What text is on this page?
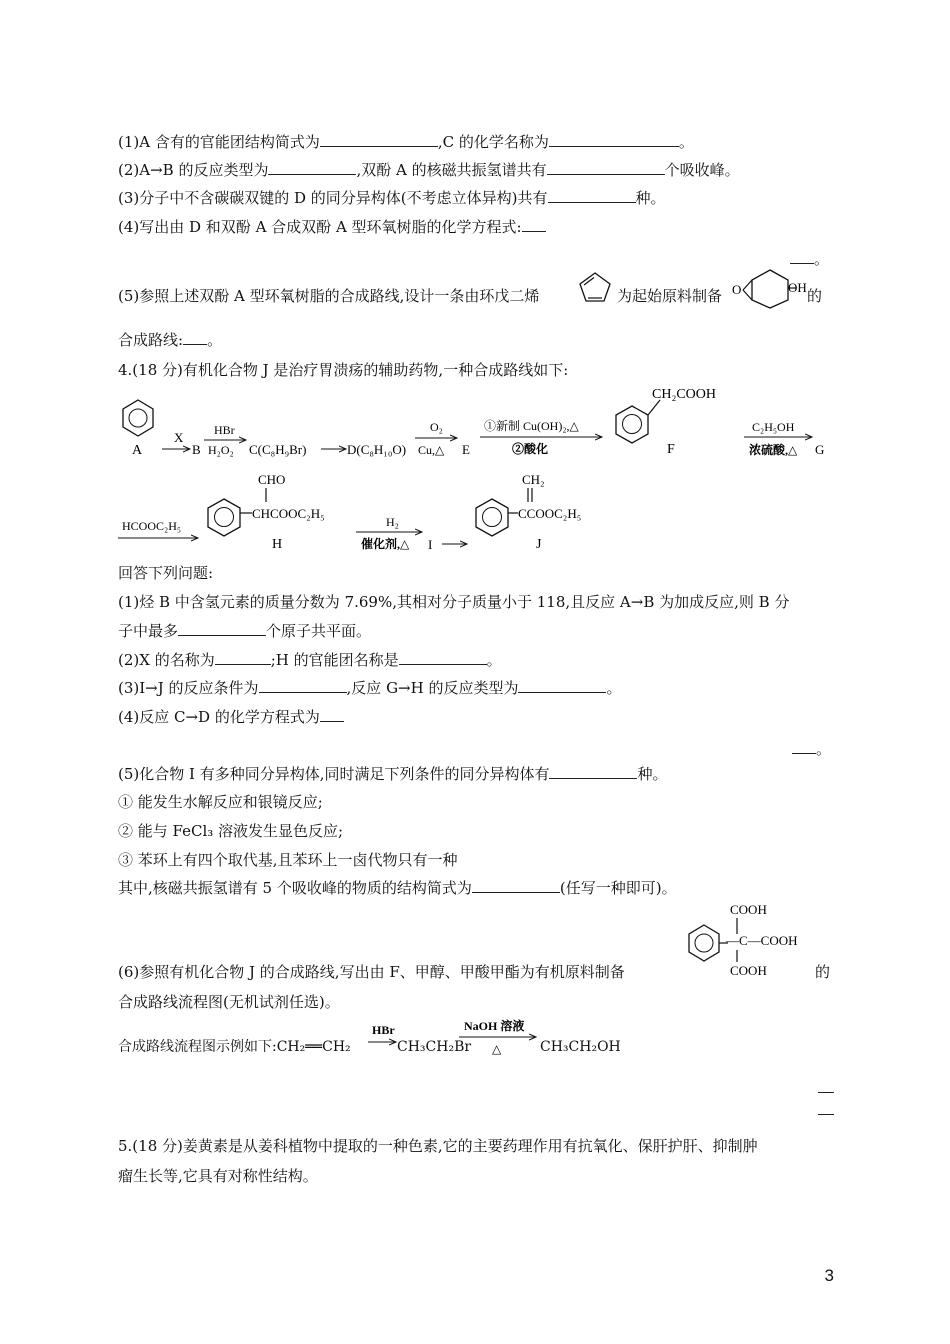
(1)A 含有的官能团结构简式为	,C 的化学名称为	。
(2)A→B 的反应类型为	,双酚 A 的核磁共振氢谱共有	个吸收峰。
(3)分子中不含碳碳双键的 D 的同分异构体(不考虑立体异构)共有	种。
(4)写出由 D 和双酚 A 合成双酚 A 型环氧树脂的化学方程式:
。
(5)参照上述双酚 A 型环氧树脂的合成路线,设计一条由环戊二烯	为起始原料制备 O	OH 的
合成路线: 。
4.(18 分)有机化合物 J 是治疗胃溃疡的辅助药物,一种合成路线如下:
A
X
B
HBr
H₂O₂ C(C₈H₉Br)	D(C₈H₁₀O)
O₂
Cu,△ E
①新制 Cu(OH)₂,△
②酸化
CH₂COOH
F
C₂H₅OH
浓硫酸,△ G
HCOOC₂H₅
CHO
CHCOOC₂H₅
H
H₂
催化剂,△ I
CH₂
CCOOC₂H₅
J
回答下列问题:
(1)烃 B 中含氢元素的质量分数为 7.69%,其相对分子质量小于 118,且反应 A→B 为加成反应,则 B 分
子中最多	个原子共平面。
(2)X 的名称为	;H 的官能团名称是	。
(3)I→J 的反应条件为	,反应 G→H 的反应类型为	。
(4)反应 C→D 的化学方程式为
。
(5)化合物 I 有多种同分异构体,同时满足下列条件的同分异构体有	种。
① 能发生水解反应和银镜反应;
② 能与 FeCl₃ 溶液发生显色反应;
③ 苯环上有四个取代基,且苯环上一卤代物只有一种
其中,核磁共振氢谱有 5 个吸收峰的物质的结构简式为	(任写一种即可)。
(6)参照有机化合物 J 的合成路线,写出由 F、甲醇、甲酸甲酯为有机原料制备
COOH
—C—COOH
COOH	的
合成路线流程图(无机试剂任选)。
合成路线流程图示例如下:CH₂══CH₂
HBr	NaOH 溶液
△
CH₃CH₂Br	CH₃CH₂OH
5.(18 分)姜黄素是从姜科植物中提取的一种色素,它的主要药理作用有抗氧化、保肝护肝、抑制肿
瘤生长等,它具有对称性结构。
3
